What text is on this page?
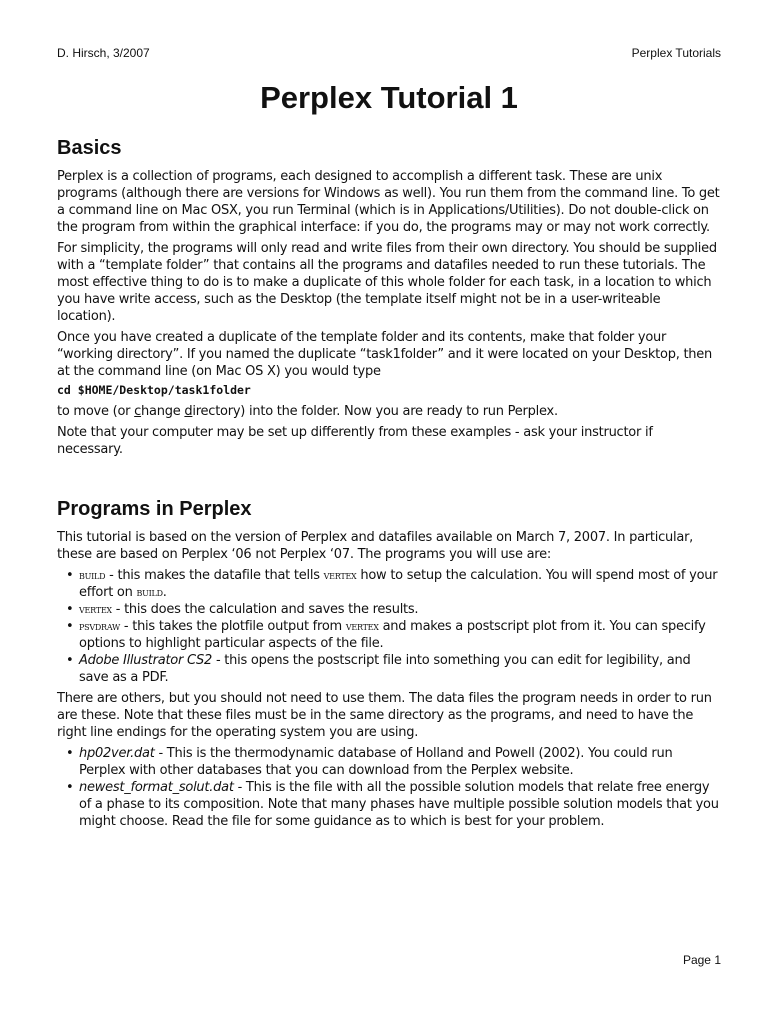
D. Hirsch, 3/2007	Perplex Tutorials
Perplex Tutorial 1
Basics

Perplex is a collection of programs, each designed to accomplish a different task. These are unix programs (although there are versions for Windows as well). You run them from the command line. To get a command line on Mac OSX, you run Terminal (which is in Applications/Utilities). Do not double-click on the program from within the graphical interface: if you do, the programs may or may not work correctly.

For simplicity, the programs will only read and write files from their own directory. You should be supplied with a “template folder” that contains all the programs and datafiles needed to run these tutorials. The most effective thing to do is to make a duplicate of this whole folder for each task, in a location to which you have write access, such as the Desktop (the template itself might not be in a user-writeable location).

Once you have created a duplicate of the template folder and its contents, make that folder your “working directory”. If you named the duplicate “task1folder” and it were located on your Desktop, then at the command line (on Mac OS X) you would type

cd $HOME/Desktop/task1folder

to move (or change directory) into the folder. Now you are ready to run Perplex.

Note that your computer may be set up differently from these examples - ask your instructor if necessary.

Programs in Perplex

This tutorial is based on the version of Perplex and datafiles available on March 7, 2007. In particular, these are based on Perplex ‘06 not Perplex ‘07. The programs you will use are:

• build - this makes the datafile that tells vertex how to setup the calculation. You will spend most of your effort on build.
• vertex - this does the calculation and saves the results.
• psvdraw - this takes the plotfile output from vertex and makes a postscript plot from it. You can specify options to highlight particular aspects of the file.
• Adobe Illustrator CS2 - this opens the postscript file into something you can edit for legibility, and save as a PDF.

There are others, but you should not need to use them. The data files the program needs in order to run are these. Note that these files must be in the same directory as the programs, and need to have the right line endings for the operating system you are using.

• hp02ver.dat - This is the thermodynamic database of Holland and Powell (2002). You could run Perplex with other databases that you can download from the Perplex website.
• newest_format_solut.dat - This is the file with all the possible solution models that relate free energy of a phase to its composition. Note that many phases have multiple possible solution models that you might choose. Read the file for some guidance as to which is best for your problem.
Page 1
